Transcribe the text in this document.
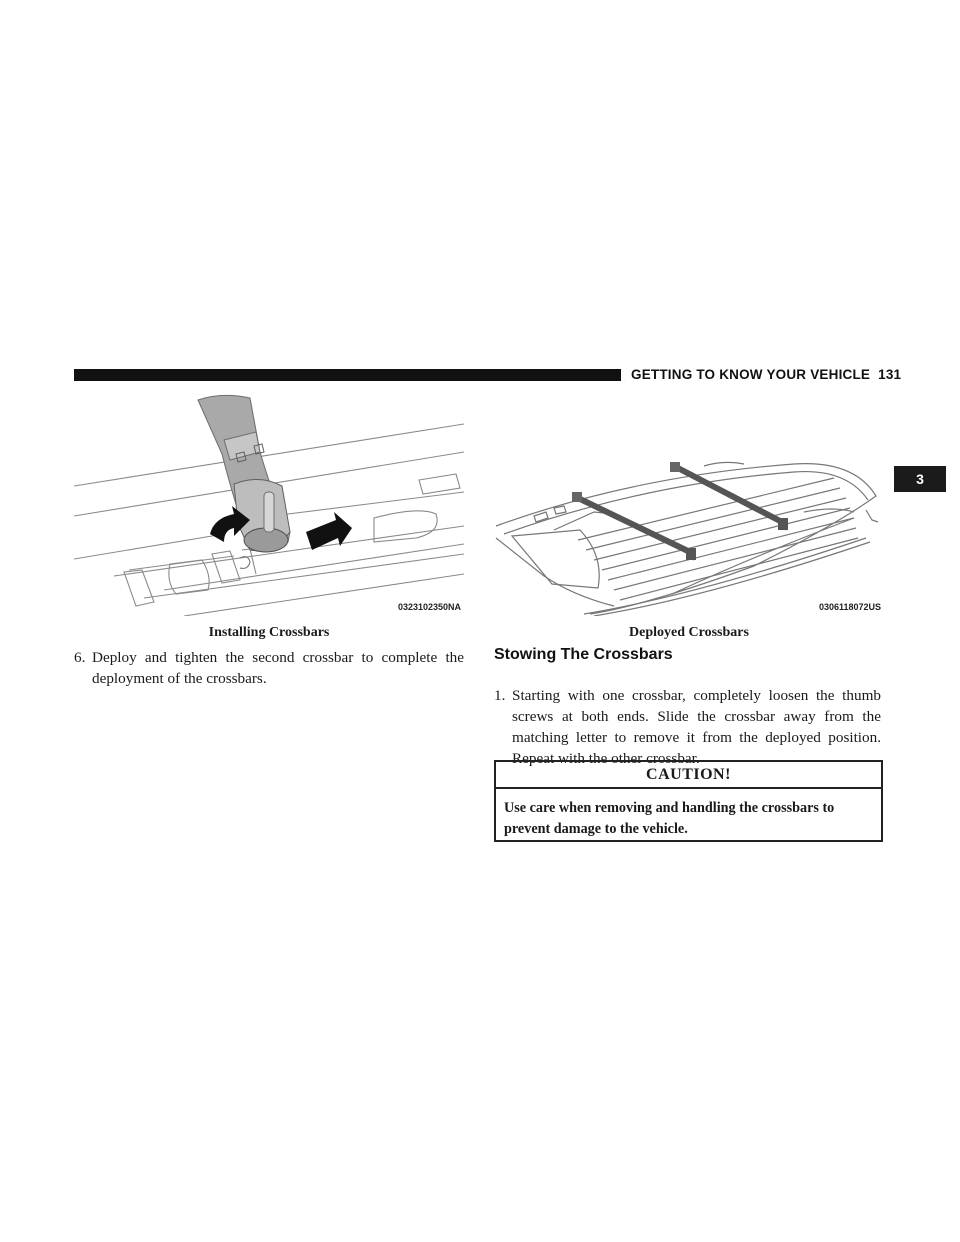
GETTING TO KNOW YOUR VEHICLE 131
3
0323102350NA
Installing Crossbars
0306118072US
Deployed Crossbars
6. Deploy and tighten the second crossbar to complete the deployment of the crossbars.
Stowing The Crossbars
1. Starting with one crossbar, completely loosen the thumb screws at both ends. Slide the crossbar away from the matching letter to remove it from the deployed position. Repeat with the other crossbar.
CAUTION!
Use care when removing and handling the crossbars to prevent damage to the vehicle.
